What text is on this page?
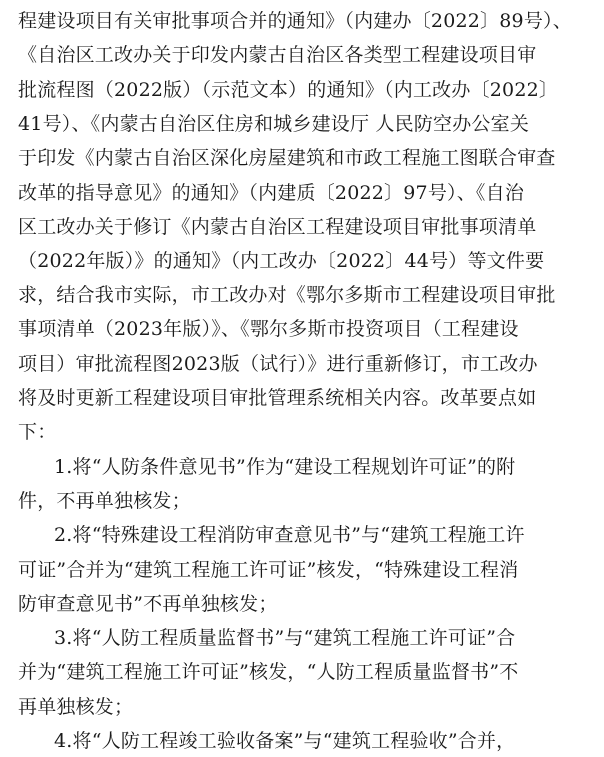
程建设项目有关审批事项合并的通知》（内建办〔2022〕89号）、
《自治区工改办关于印发内蒙古自治区各类型工程建设项目审
批流程图（2022版）（示范文本）的通知》（内工改办〔2022〕
41号）、《内蒙古自治区住房和城乡建设厅 人民防空办公室关
于印发《内蒙古自治区深化房屋建筑和市政工程施工图联合审查
改革的指导意见》的通知》（内建质〔2022〕97号）、《自治
区工改办关于修订《内蒙古自治区工程建设项目审批事项清单
（2022年版）》的通知》（内工改办〔2022〕44号）等文件要
求，结合我市实际，市工改办对《鄂尔多斯市工程建设项目审批
事项清单（2023年版）》、《鄂尔多斯市投资项目（工程建设
项目）审批流程图2023版（试行）》进行重新修订，市工改办
将及时更新工程建设项目审批管理系统相关内容。改革要点如
下：
1.将“人防条件意见书”作为“建设工程规划许可证”的附
件，不再单独核发；
2.将“特殊建设工程消防审查意见书”与“建筑工程施工许
可证”合并为“建筑工程施工许可证”核发，“特殊建设工程消
防审查意见书”不再单独核发；
3.将“人防工程质量监督书”与“建筑工程施工许可证”合
并为“建筑工程施工许可证”核发，“人防工程质量监督书”不
再单独核发；
4.将“人防工程竣工验收备案”与“建筑工程验收”合并，
